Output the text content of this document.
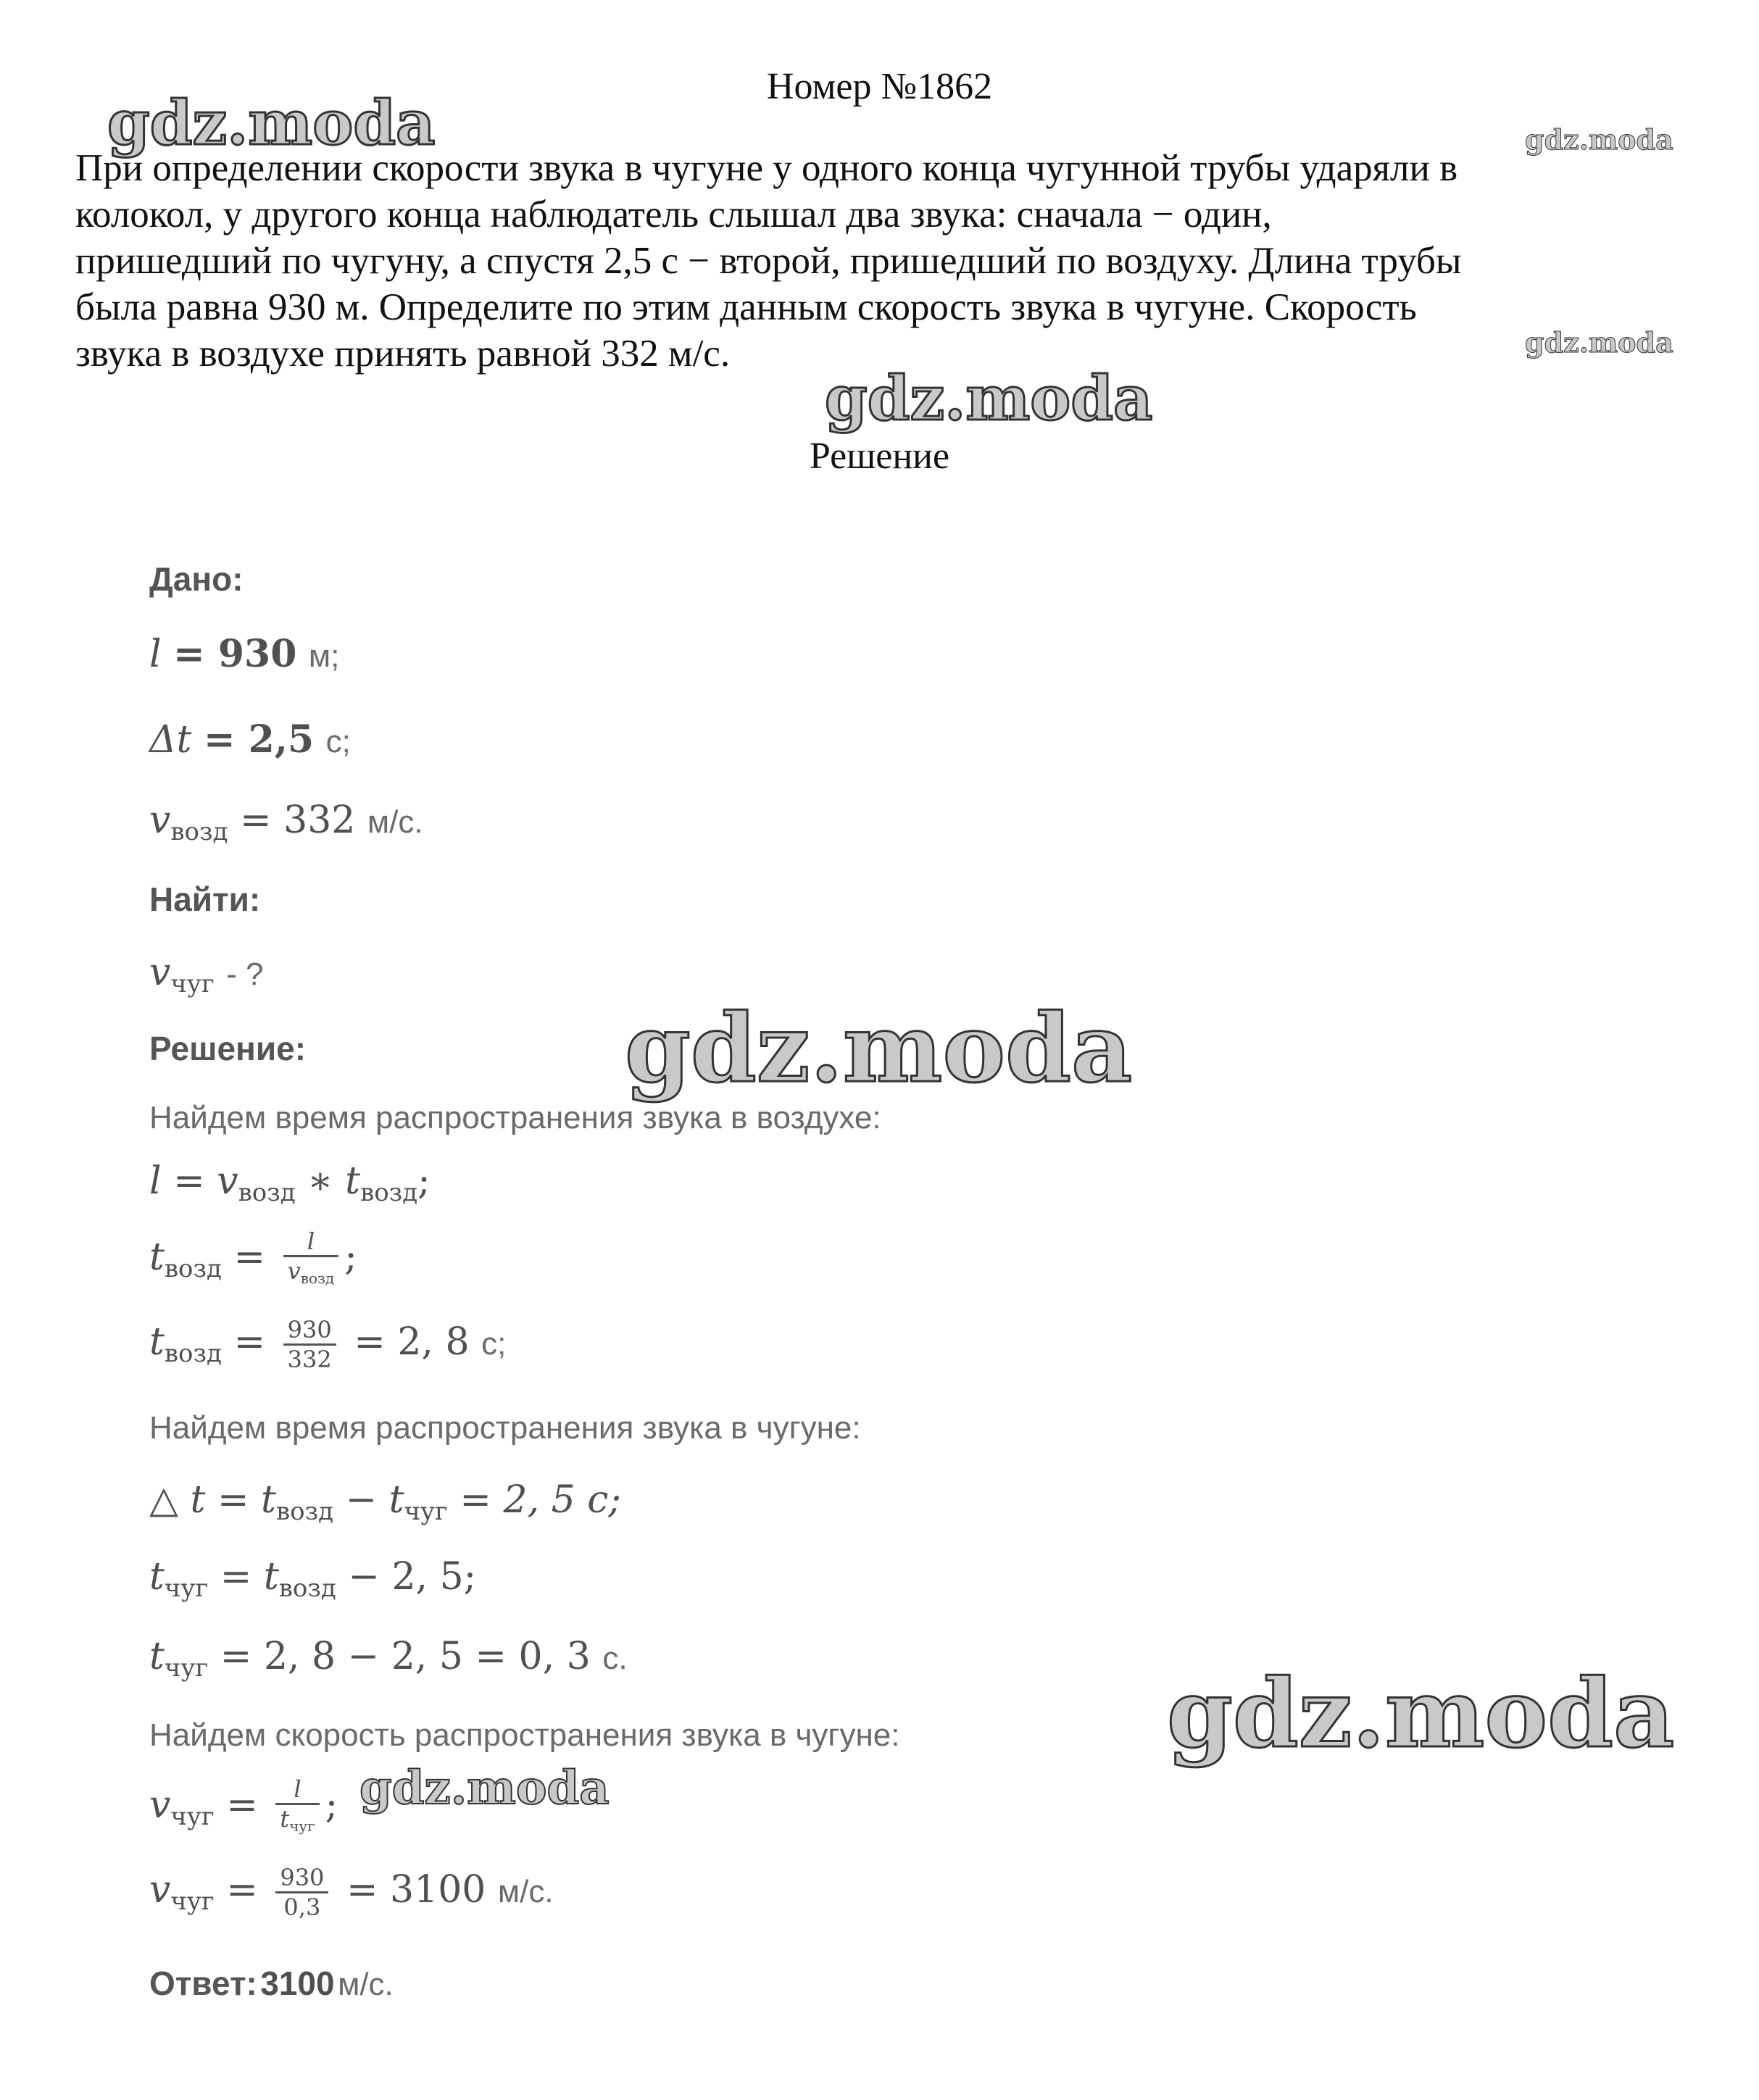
Номер №1862
При определении скорости звука в чугуне у одного конца чугунной трубы ударяли в
колокол, у другого конца наблюдатель слышал два звука: сначала − один,
пришедший по чугуну, а спустя 2,5 с − второй, пришедший по воздуху. Длина трубы
была равна 930 м. Определите по этим данным скорость звука в чугуне. Скорость
звука в воздухе принять равной 332 м/с.
Решение
Дано:
l = 930 м;
Δt = 2,5 с;
$v_{возд} = 332$ м/с.
Найти:
$v_{чуг}$ - ?
Решение:
Найдем время распространения звука в воздухе:
$l = v_{возд}$ ∗ $t_{возд}$;
$t_{возд} = \frac{l}{v_{возд}}$ ;
$t_{возд} = \frac{930}{332} = 2$, 8 с;
Найдем время распространения звука в чугуне:
△ $t = t_{возд} - t_{чуг} = 2$, 5 с;
$t_{чуг} = t_{возд} - 2$, 5;
$t_{чуг} = 2$, 8 − 2, 5 = 0, 3 с.
Найдем скорость распространения звука в чугуне:
$v_{чуг} = \frac{l}{t_{чуг}}$ ;
$v_{чуг} = \frac{930}{0,3} = 3100$ м/с.
Ответ: 3100 м/с.
gdz.moda	gdz.moda
gdz.moda
gdz.moda
gdz.moda
gdz.moda
gdz.moda
